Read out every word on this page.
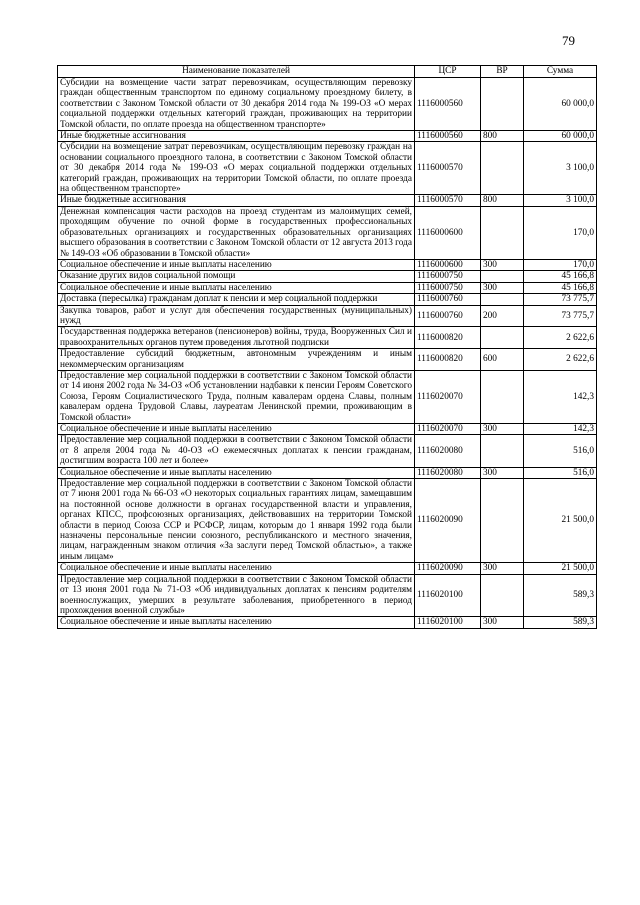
79
Наименование показателей	ЦСР	ВР	Сумма
Субсидии на возмещение части затрат перевозчикам, осуществляющим перевозку граждан общественным транспортом по единому социальному проездному билету, в соответствии с Законом Томской области от 30 декабря 2014 года № 199-ОЗ «О мерах социальной поддержки отдельных категорий граждан, проживающих на территории Томской области, по оплате проезда на общественном транспорте»	1116000560		60 000,0
Иные бюджетные ассигнования	1116000560	800	60 000,0
Субсидии на возмещение затрат перевозчикам, осуществляющим перевозку граждан на основании социального проездного талона, в соответствии с Законом Томской области от 30 декабря 2014 года № 199-ОЗ «О мерах социальной поддержки отдельных категорий граждан, проживающих на территории Томской области, по оплате проезда на общественном транспорте»	1116000570		3 100,0
Иные бюджетные ассигнования	1116000570	800	3 100,0
Денежная компенсация части расходов на проезд студентам из малоимущих семей, проходящим обучение по очной форме в государственных профессиональных образовательных организациях и государственных образовательных организациях высшего образования в соответствии с Законом Томской области от 12 августа 2013 года № 149-ОЗ «Об образовании в Томской области»	1116000600		170,0
Социальное обеспечение и иные выплаты населению	1116000600	300	170,0
Оказание других видов социальной помощи	1116000750		45 166,8
Социальное обеспечение и иные выплаты населению	1116000750	300	45 166,8
Доставка (пересылка) гражданам доплат к пенсии и мер социальной поддержки	1116000760		73 775,7
Закупка товаров, работ и услуг для обеспечения государственных (муниципальных) нужд	1116000760	200	73 775,7
Государственная поддержка ветеранов (пенсионеров) войны, труда, Вооруженных Сил и правоохранительных органов путем проведения льготной подписки	1116000820		2 622,6
Предоставление субсидий бюджетным, автономным учреждениям и иным некоммерческим организациям	1116000820	600	2 622,6
Предоставление мер социальной поддержки в соответствии с Законом Томской области от 14 июня 2002 года № 34-ОЗ «Об установлении надбавки к пенсии Героям Советского Союза, Героям Социалистического Труда, полным кавалерам ордена Славы, полным кавалерам ордена Трудовой Славы, лауреатам Ленинской премии, проживающим в Томской области»	1116020070		142,3
Социальное обеспечение и иные выплаты населению	1116020070	300	142,3
Предоставление мер социальной поддержки в соответствии с Законом Томской области от 8 апреля 2004 года № 40-ОЗ «О ежемесячных доплатах к пенсии гражданам, достигшим возраста 100 лет и более»	1116020080		516,0
Социальное обеспечение и иные выплаты населению	1116020080	300	516,0
Предоставление мер социальной поддержки в соответствии с Законом Томской области от 7 июня 2001 года № 66-ОЗ «О некоторых социальных гарантиях лицам, замещавшим на постоянной основе должности в органах государственной власти и управления, органах КПСС, профсоюзных организациях, действовавших на территории Томской области в период Союза ССР и РСФСР, лицам, которым до 1 января 1992 года были назначены персональные пенсии союзного, республиканского и местного значения, лицам, награжденным знаком отличия «За заслуги перед Томской областью», а также иным лицам»	1116020090		21 500,0
Социальное обеспечение и иные выплаты населению	1116020090	300	21 500,0
Предоставление мер социальной поддержки в соответствии с Законом Томской области от 13 июня 2001 года № 71-ОЗ «Об индивидуальных доплатах к пенсиям родителям военнослужащих, умерших в результате заболевания, приобретенного в период прохождения военной службы»	1116020100		589,3
Социальное обеспечение и иные выплаты населению	1116020100	300	589,3
